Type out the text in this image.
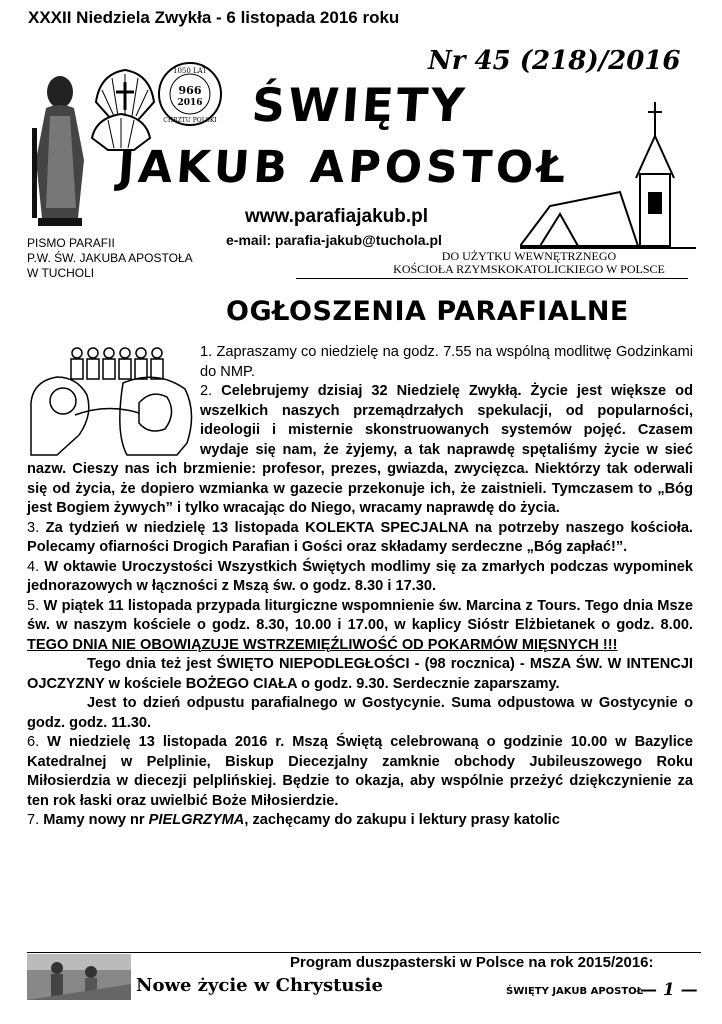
XXXII Niedziela Zwykła - 6 listopada 2016 roku
1050 LAT
966
2016
CHRZTU POLSKI
Nr 45 (218)/2016
ŚWIĘTY
JAKUB APOSTOŁ
www.parafiajakub.pl
e-mail: parafia-jakub@tuchola.pl
PISMO PARAFII
P.W. ŚW. JAKUBA APOSTOŁA
W TUCHOLI
DO UŻYTKU WEWNĘTRZNEGO
KOŚCIOŁA RZYMSKOKATOLICKIEGO W POLSCE
OGŁOSZENIA PARAFIALNE

1. Zapraszamy co niedzielę na godz. 7.55 na wspólną modlitwę Godzinkami do NMP.

2. Celebrujemy dzisiaj 32 Niedzielę Zwykłą. Życie jest większe od wszelkich naszych przemądrzałych spekulacji, od popularności, ideologii i misternie skonstruowanych systemów pojęć. Czasem wydaje się nam, że żyjemy, a tak naprawdę spętaliśmy życie w sieć nazw. Cieszy nas ich brzmienie: profesor, prezes, gwiazda, zwycięzca. Niektórzy tak oderwali się od życia, że dopiero wzmianka w gazecie przekonuje ich, że zaistnieli. Tymczasem to „Bóg jest Bogiem żywych” i tylko wracając do Niego, wracamy naprawdę do życia.

3. Za tydzień w niedzielę 13 listopada KOLEKTA SPECJALNA na potrzeby naszego kościoła. Polecamy ofiarności Drogich Parafian i Gości oraz składamy serdeczne „Bóg zapłać!”.

4. W oktawie Uroczystości Wszystkich Świętych modlimy się za zmarłych podczas wypominek jednorazowych w łączności z Mszą św. o godz. 8.30 i 17.30.

5. W piątek 11 listopada przypada liturgiczne wspomnienie św. Marcina z Tours. Tego dnia Msze św. w naszym kościele o godz. 8.30, 10.00 i 17.00, w kaplicy Sióstr Elżbietanek o godz. 8.00. TEGO DNIA NIE OBOWIĄZUJE WSTRZEMIĘŹLIWOŚĆ OD POKARMÓW MIĘSNYCH !!!

Tego dnia też jest ŚWIĘTO NIEPODLEGŁOŚCI - (98 rocznica) - MSZA ŚW. W INTENCJI OJCZYZNY w kościele BOŻEGO CIAŁA o godz. 9.30. Serdecznie zaparszamy.

Jest to dzień odpustu parafialnego w Gostycynie. Suma odpustowa w Gostycynie o godz. godz. 11.30.

6. W niedzielę 13 listopada 2016 r. Mszą Świętą celebrowaną o godzinie 10.00 w Bazylice Katedralnej w Pelplinie, Biskup Diecezjalny zamknie obchody Jubileuszowego Roku Miłosierdzia w diecezji pelplińskiej. Będzie to okazja, aby wspólnie przeżyć dziękczynienie za ten rok łaski oraz uwielbić Boże Miłosierdzie.

7. Mamy nowy nr PIELGRZYMA, zachęcamy do zakupu i lektury prasy katolic

Program duszpasterski w Polsce na rok 2015/2016:
Nowe życie w Chrystusie	ŚWIĘTY JAKUB APOSTOŁ
— 1 —
